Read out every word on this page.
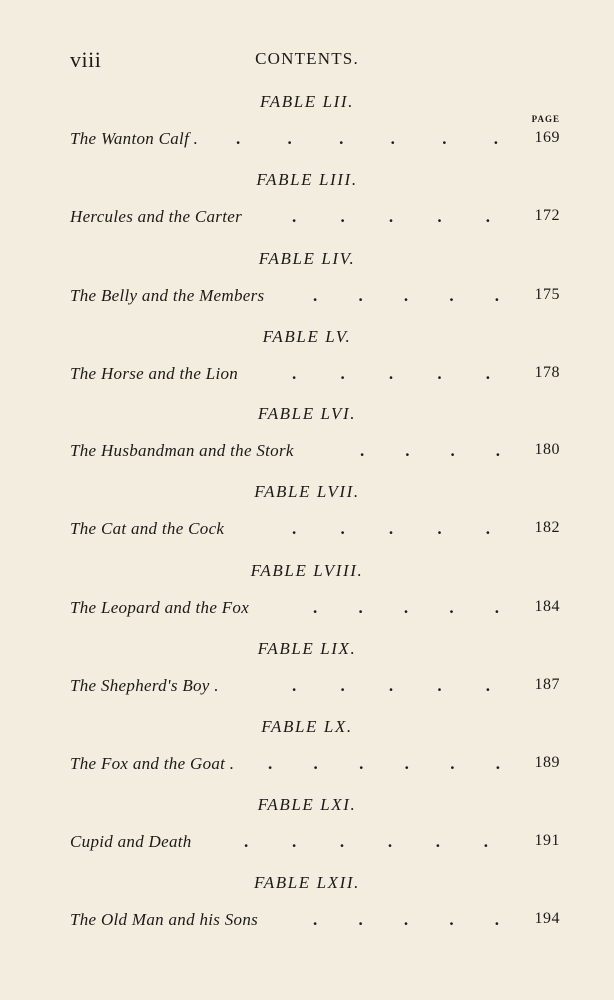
viii	CONTENTS.
PAGE
FABLE LII.
The Wanton Calf . .	.	.	.	.	. 169
FABLE LIII.
Hercules and the Carter	.	.	.	.	.	172
FABLE LIV.
The Belly and the Members	. . . . . 175
FABLE LV.
The Horse and the Lion	.	.	.	.	.	178
FABLE LVI.
The Husbandman and the Stork	. . . . 180
FABLE LVII.
The Cat and the Cock	.	.	.	.	.	182
FABLE LVIII.
The Leopard and the Fox	. . . . . 184
FABLE LIX.
The Shepherd's Boy .	.	.	.	.	.	187
FABLE LX.
The Fox and the Goat . . . . . . . 189
FABLE LXI.
Cupid and Death	.	.	.	.	.	.	191
FABLE LXII.
The Old Man and his Sons	. . . . . 194
